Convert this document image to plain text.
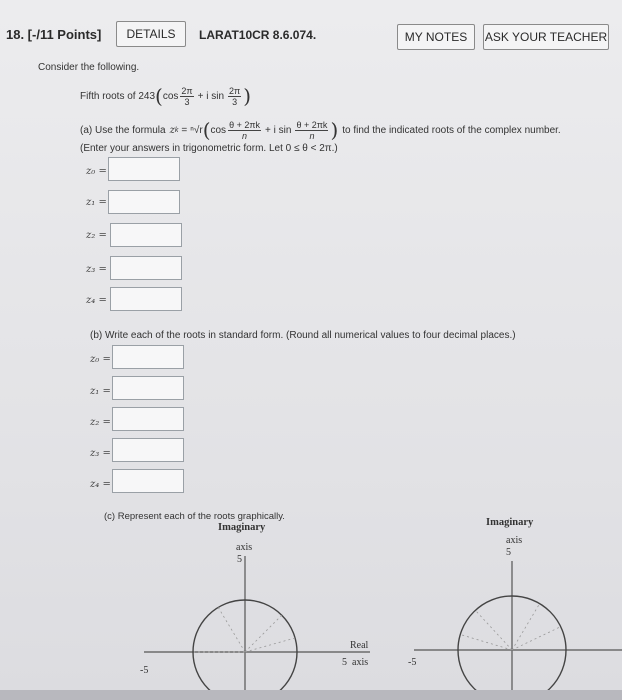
18. [-/11 Points]	DETAILS	LARAT10CR 8.6.074.	MY NOTES	ASK YOUR TEACHER
Consider the following.
Fifth roots of 243 ( $\cos \frac{2\pi}{3} + i$ $\sin \frac{2\pi}{3}$ )
(a) Use the formula z k = ⁿ√r ( $\cos \frac{\theta + 2\pi k}{n} + i$ $\sin \frac{\theta + 2\pi k}{n}$ ) to find the indicated roots of the complex number.
(Enter your answers in trigonometric form. Let 0 ≤ θ < 2π.)
z₀ =
z₁ =
z₂ =
z₃ =
z₄ =
(b) Write each of the roots in standard form. (Round all numerical values to four decimal places.)
z₀ =
z₁ =
z₂ =
z₃ =
z₄ =
(c) Represent each of the roots graphically.
Imaginary
axis
5
-5
Real
5 axis
Imaginary
axis
5
-5
